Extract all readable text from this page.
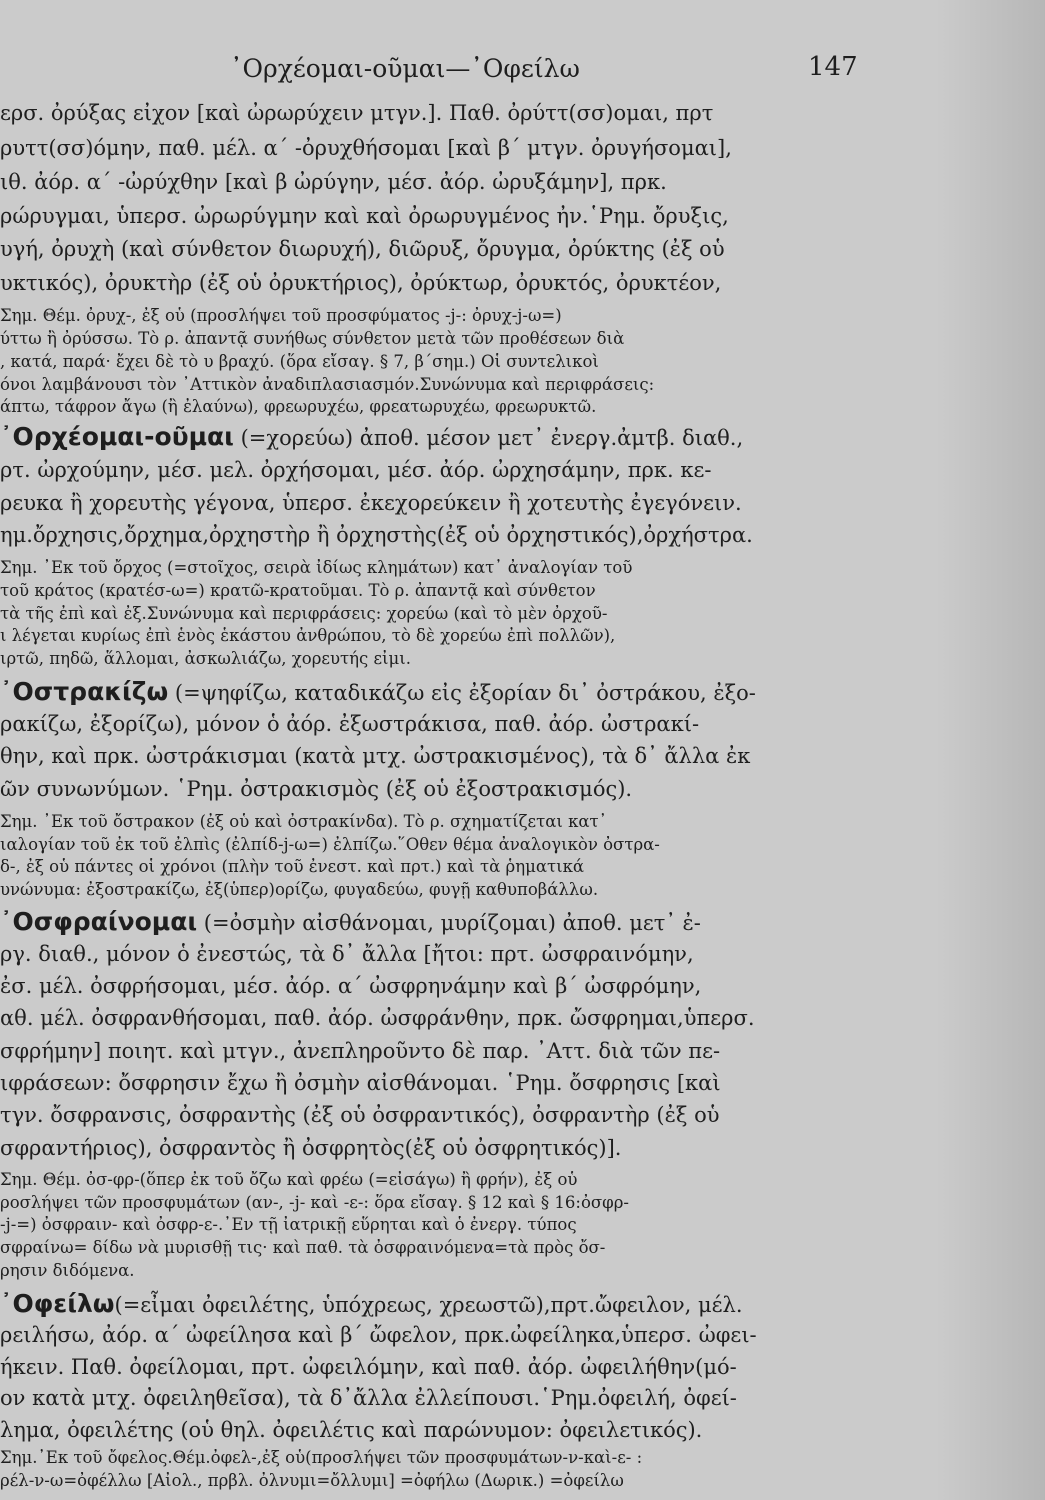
᾽Ορχέομαι-οῦμαι—᾽Οφείλω	147
ερσ. ὀρύξας εἶχον [καὶ ὠρωρύχειν μτγν.]. Παθ. ὀρύττ(σσ)ομαι, πρτ
ρυττ(σσ)όμην, παθ. μέλ. α΄ -ὀρυχθήσομαι [καὶ β΄ μτγν. ὀρυγήσομαι],
ιθ. ἀόρ. α΄ -ὠρύχθην [καὶ β ὠρύγην, μέσ. ἀόρ. ὠρυξάμην], πρκ.
ρώρυγμαι, ὑπερσ. ὠρωρύγμην καὶ καὶ ὀρωρυγμένος ἦν.῾Ρημ. ὄρυξις,
υγή, ὀρυχὴ (καὶ σύνθετον διωρυχή), διῶρυξ, ὄρυγμα, ὀρύκτης (ἐξ οὗ
υκτικός), ὀρυκτὴρ (ἐξ οὗ ὀρυκτήριος), ὀρύκτωρ, ὀρυκτός, ὀρυκτέον,
Σημ. Θέμ. ὀρυχ-, ἐξ οὗ (προσλήψει τοῦ προσφύματος -j-: ὀρυχ-j-ω=)
ύττω ἢ ὀρύσσω. Τὸ ρ. ἀπαντᾷ συνήθως σύνθετον μετὰ τῶν προθέσεων διὰ
, κατά, παρά· ἔχει δὲ τὸ υ βραχύ. (ὅρα εἴσαγ. § 7, β΄σημ.) Οἱ συντελικοὶ
όνοι λαμβάνουσι τὸν ᾽Αττικὸν ἀναδιπλασιασμόν.Συνώνυμα καὶ περιφράσεις:
άπτω, τάφρον ἄγω (ἢ ἐλαύνω), φρεωρυχέω, φρεατωρυχέω, φρεωρυκτῶ.
᾽Ορχέομαι-οῦμαι (=χορεύω) ἀποθ. μέσον μετ᾽ ἐνεργ.ἀμτβ. διαθ.,
ρτ. ὠρχούμην, μέσ. μελ. ὀρχήσομαι, μέσ. ἀόρ. ὠρχησάμην, πρκ. κε-
ρευκα ἢ χορευτὴς γέγονα, ὑπερσ. ἐκεχορεύκειν ἢ χοτευτὴς ἐγεγόνειν.
ημ.ὄρχησις,ὄρχημα,ὀρχηστὴρ ἢ ὀρχηστὴς(ἐξ οὗ ὀρχηστικός),ὀρχήστρα.
Σημ. ᾽Εκ τοῦ ὄρχος (=στοῖχος, σειρὰ ἰδίως κλημάτων) κατ᾽ ἀναλογίαν τοῦ
τοῦ κράτος (κρατέσ-ω=) κρατῶ-κρατοῦμαι. Τὸ ρ. ἀπαντᾷ καὶ σύνθετον
τὰ τῆς ἐπὶ καὶ ἐξ.Συνώνυμα καὶ περιφράσεις: χορεύω (καὶ τὸ μὲν ὀρχοῦ-
ι λέγεται κυρίως ἐπὶ ἑνὸς ἑκάστου ἀνθρώπου, τὸ δὲ χορεύω ἐπὶ πολλῶν),
ιρτῶ, πηδῶ, ἅλλομαι, ἀσκωλιάζω, χορευτής εἰμι.
᾽Οστρακίζω (=ψηφίζω, καταδικάζω εἰς ἐξορίαν δι᾽ ὀστράκου, ἐξο-
ρακίζω, ἐξορίζω), μόνον ὁ ἀόρ. ἐξωστράκισα, παθ. ἀόρ. ὠστρακί-
θην, καὶ πρκ. ὠστράκισμαι (κατὰ μτχ. ὠστρακισμένος), τὰ δ᾽ ἄλλα ἐκ
ῶν συνωνύμων. ῾Ρημ. ὀστρακισμὸς (ἐξ οὗ ἐξοστρακισμός).
Σημ. ᾽Εκ τοῦ ὄστρακον (ἐξ οὗ καὶ ὀστρακίνδα). Τὸ ρ. σχηματίζεται κατ᾽
ιαλογίαν τοῦ ἐκ τοῦ ἐλπὶς (ἐλπίδ-j-ω=) ἐλπίζω.῞Οθεν θέμα ἀναλογικὸν ὀστρα-
δ-, ἐξ οὗ πάντες οἱ χρόνοι (πλὴν τοῦ ἐνεστ. καὶ πρτ.) καὶ τὰ ῥηματικά
υνώνυμα: ἐξοστρακίζω, ἐξ(ὑπερ)ορίζω, φυγαδεύω, φυγῇ καθυποβάλλω.
᾽Οσφραίνομαι (=ὀσμὴν αἰσθάνομαι, μυρίζομαι) ἀποθ. μετ᾽ ἐ-
ργ. διαθ., μόνον ὁ ἐνεστώς, τὰ δ᾽ ἄλλα [ἤτοι: πρτ. ὠσφραινόμην,
ἐσ. μέλ. ὀσφρήσομαι, μέσ. ἀόρ. α΄ ὠσφρηνάμην καὶ β΄ ὠσφρόμην,
αθ. μέλ. ὀσφρανθήσομαι, παθ. ἀόρ. ὠσφράνθην, πρκ. ὤσφρημαι,ὑπερσ.
σφρήμην] ποιητ. καὶ μτγν., ἀνεπληροῦντο δὲ παρ. ᾽Αττ. διὰ τῶν πε-
ιφράσεων: ὄσφρησιν ἔχω ἢ ὀσμὴν αἰσθάνομαι. ῾Ρημ. ὄσφρησις [καὶ
τγν. ὄσφρανσις, ὀσφραντὴς (ἐξ οὗ ὀσφραντικός), ὀσφραντὴρ (ἐξ οὗ
σφραντήριος), ὀσφραντὸς ἢ ὀσφρητὸς(ἐξ οὗ ὀσφρητικός)].
Σημ. Θέμ. ὀσ-φρ-(ὅπερ ἐκ τοῦ ὄζω καὶ φρέω (=εἰσάγω) ἢ φρήν), ἐξ οὗ
ροσλήψει τῶν προσφυμάτων (αν-, -j- καὶ -ε-: ὅρα εἴσαγ. § 12 καὶ § 16:ὀσφρ-
-j-=) ὀσφραιν- καὶ ὀσφρ-ε-.᾽Εν τῇ ἰατρικῇ εὕρηται καὶ ὁ ἐνεργ. τύπος
σφραίνω= δίδω νὰ μυρισθῇ τις· καὶ παθ. τὰ ὀσφραινόμενα=τὰ πρὸς ὄσ-
ρησιν διδόμενα.
᾽Οφείλω(=εἶμαι ὀφειλέτης, ὑπόχρεως, χρεωστῶ),πρτ.ὤφειλον, μέλ.
ρειλήσω, ἀόρ. α΄ ὠφείλησα καὶ β΄ ὤφελον, πρκ.ὠφείληκα,ὑπερσ. ὠφει-
ήκειν. Παθ. ὀφείλομαι, πρτ. ὠφειλόμην, καὶ παθ. ἀόρ. ὠφειλήθην(μό-
ον κατὰ μτχ. ὀφειληθεῖσα), τὰ δ᾽ἄλλα ἐλλείπουσι.῾Ρημ.ὀφειλή, ὀφεί-
λημα, ὀφειλέτης (οὗ θηλ. ὀφειλέτις καὶ παρώνυμον: ὀφειλετικός).
Σημ.᾽Εκ τοῦ ὄφελος.Θέμ.ὀφελ-,ἐξ οὗ(προσλήψει τῶν προσφυμάτων-ν-καὶ-ε- :
ρέλ-ν-ω=ὀφέλλω [Αἰολ., πρβλ. ὀλνυμι=ὄλλυμι] =ὀφήλω (Δωρικ.) =ὀφείλω
